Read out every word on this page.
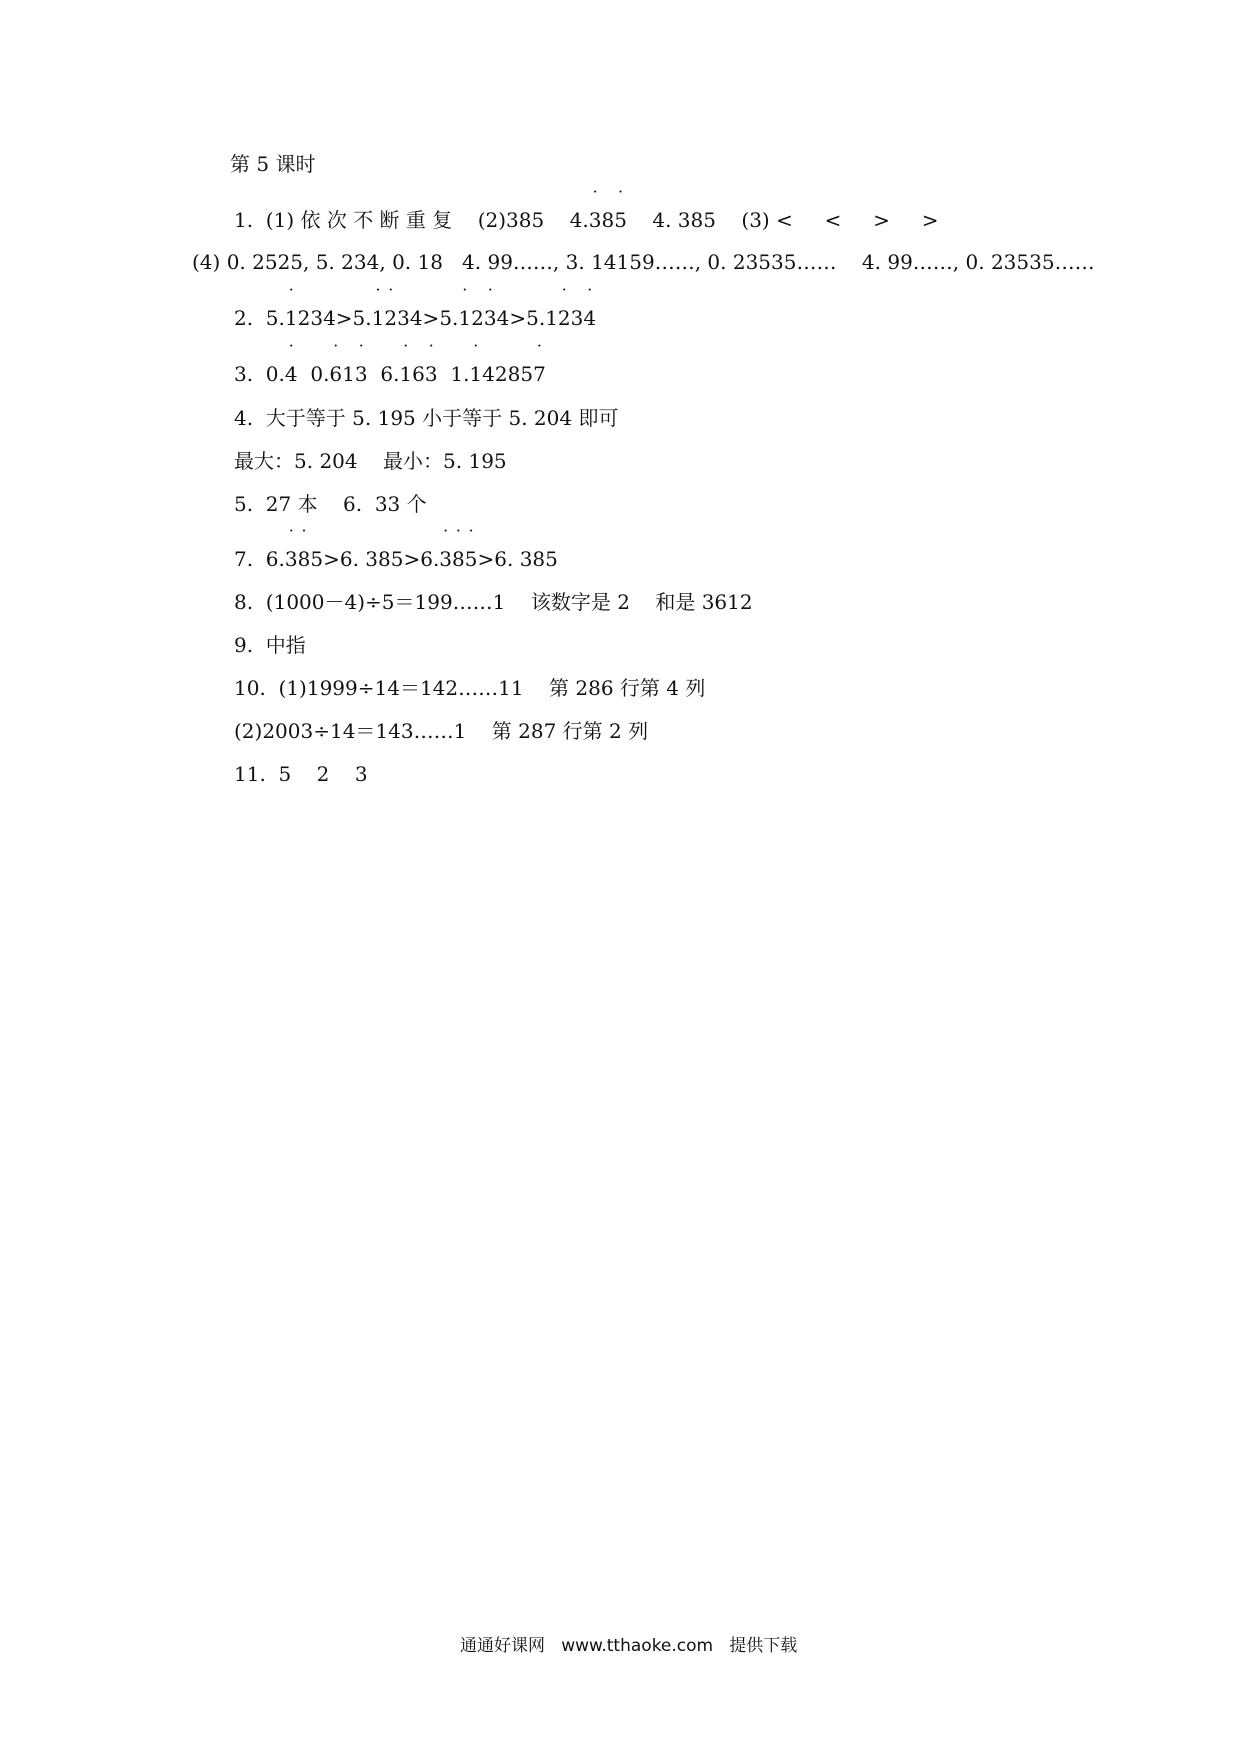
第 5 课时
1.  (1) 依 次 不 断 重 复    (2)385    4.˙ 38˙ 5    4. 385    (3) <     <     >     >
(4) 0. 2525, 5. 234, 0. 18   4. 99……, 3. 14159……, 0. 23535……    4. 99……, 0. 23535……
2.  5.˙ 1234>5.˙ 1˙ 234>5.˙ 12˙ 34>5.1˙ 23˙ 4
3.  0.˙ 4  0.˙ 61˙ 3  6.˙ 16˙ 3  1.˙ 14285˙ 7
4.  大于等于 5. 195 小于等于 5. 204 即可
最大：5. 204    最小：5. 195
5.  27 本    6.  33 个
7.  6.˙ 3˙ 85>6. 385>6.˙ 3˙ 8˙ 5>6. 385
8.  (1000－4)÷5＝199……1    该数字是 2    和是 3612
9.  中指
10.  (1)1999÷14＝142……11    第 286 行第 4 列
(2)2003÷14＝143……1    第 287 行第 2 列
11.  5    2    3
通通好课网   www.tthaoke.com   提供下载
